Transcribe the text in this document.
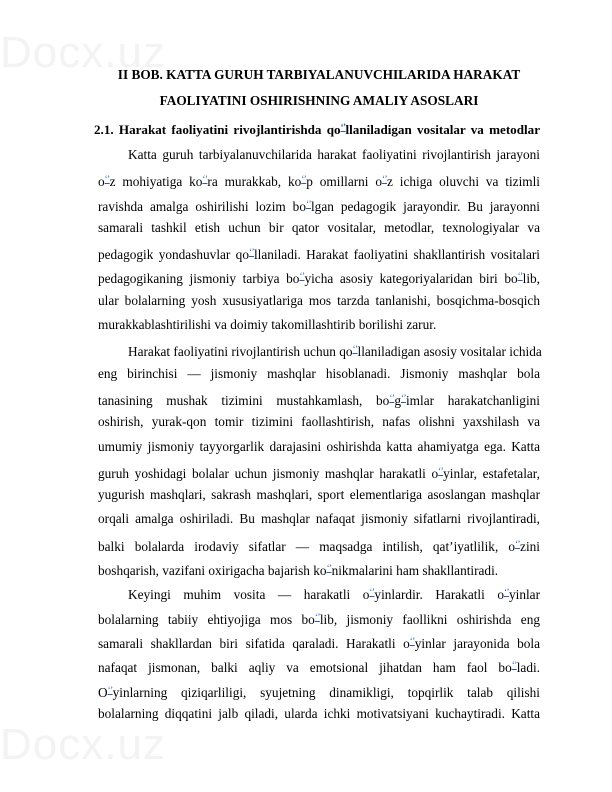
Docx.uz
II BOB. KATTA GURUH TARBIYALANUVCHILARIDA HARAKAT
FAOLIYATINI OSHIRISHNING AMALIY ASOSLARI
2.1. Harakat faoliyatini rivojlantirishda qo‘’llaniladigan vositalar va metodlar
Katta guruh tarbiyalanuvchilarida harakat faoliyatini rivojlantirish jarayoni
o‘’z mohiyatiga ko‘’ra murakkab, ko‘’p omillarni o‘’z ichiga oluvchi va tizimli
ravishda amalga oshirilishi lozim bo‘’lgan pedagogik jarayondir. Bu jarayonni
samarali tashkil etish uchun bir qator vositalar, metodlar, texnologiyalar va
pedagogik yondashuvlar qo‘’llaniladi. Harakat faoliyatini shakllantirish vositalari
pedagogikaning jismoniy tarbiya bo‘’yicha asosiy kategoriyalaridan biri bo‘’lib,
ular bolalarning yosh xususiyatlariga mos tarzda tanlanishi, bosqichma-bosqich
murakkablashtirilishi va doimiy takomillashtirib borilishi zarur.
Harakat faoliyatini rivojlantirish uchun qo‘’llaniladigan asosiy vositalar ichida
eng birinchisi — jismoniy mashqlar hisoblanadi. Jismoniy mashqlar bola
tanasining mushak tizimini mustahkamlash, bo‘’g‘’imlar harakatchanligini
oshirish, yurak-qon tomir tizimini faollashtirish, nafas olishni yaxshilash va
umumiy jismoniy tayyorgarlik darajasini oshirishda katta ahamiyatga ega. Katta
guruh yoshidagi bolalar uchun jismoniy mashqlar harakatli o‘’yinlar, estafetalar,
yugurish mashqlari, sakrash mashqlari, sport elementlariga asoslangan mashqlar
orqali amalga oshiriladi. Bu mashqlar nafaqat jismoniy sifatlarni rivojlantiradi,
balki bolalarda irodaviy sifatlar — maqsadga intilish, qat’iyatlilik, o‘’zini
boshqarish, vazifani oxirigacha bajarish ko‘’nikmalarini ham shakllantiradi.
Keyingi muhim vosita — harakatli o‘’yinlardir. Harakatli o‘’yinlar
bolalarning tabiiy ehtiyojiga mos bo‘’lib, jismoniy faollikni oshirishda eng
samarali shakllardan biri sifatida qaraladi. Harakatli o‘’yinlar jarayonida bola
nafaqat jismonan, balki aqliy va emotsional jihatdan ham faol bo‘’ladi.
O‘’yinlarning qiziqarliligi, syujetning dinamikligi, topqirlik talab qilishi
bolalarning diqqatini jalb qiladi, ularda ichki motivatsiyani kuchaytiradi. Katta
Docx.uz
